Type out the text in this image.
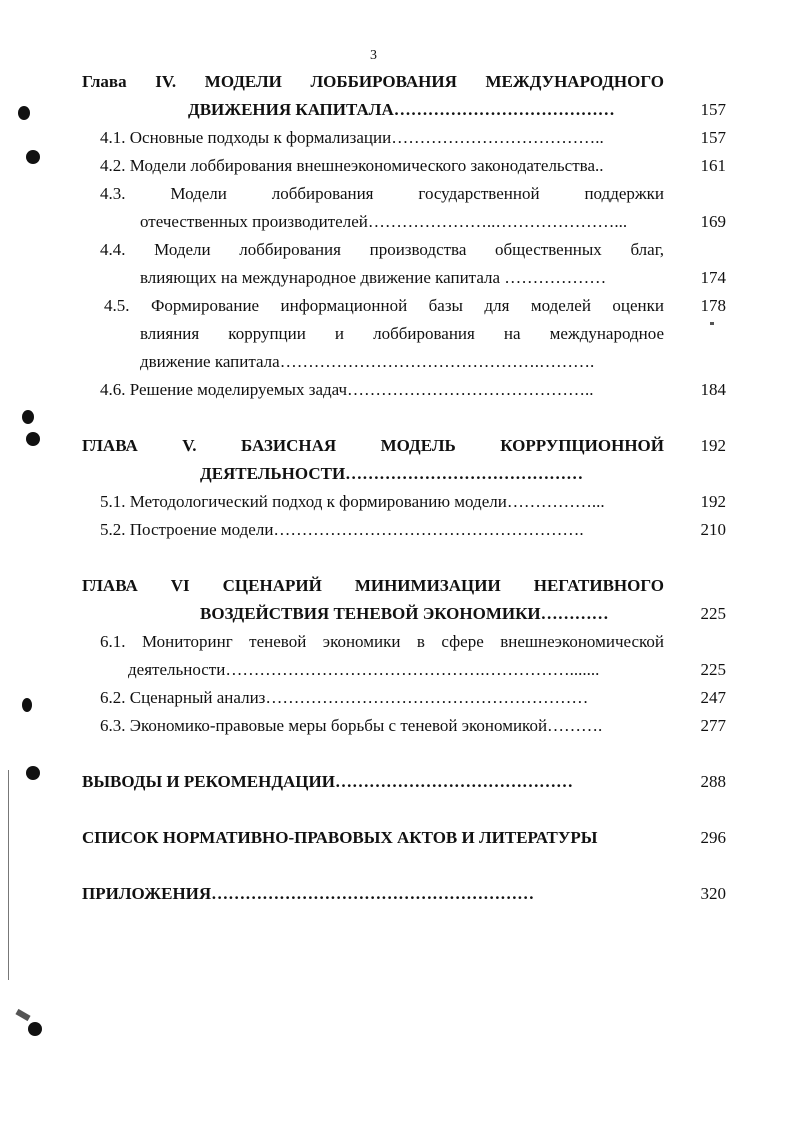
3
Глава IV. МОДЕЛИ ЛОББИРОВАНИЯ МЕЖДУНАРОДНОГО
ДВИЖЕНИЯ КАПИТАЛА…………………………………	157
4.1. Основные подходы к формализации………………………………..	157
4.2. Модели лоббирования внешнеэкономического законодательства..	161
4.3. Модели лоббирования государственной поддержки
отечественных производителей…………………..…………………...	169
4.4. Модели лоббирования производства общественных благ,
влияющих на международное движение капитала ………………	174
4.5. Формирование информационной базы для моделей оценки 178
влияния коррупции и лоббирования на международное
движение капитала……………………………………….……….
4.6. Решение моделируемых задач……………………………………..	184
ГЛАВА V. БАЗИСНАЯ МОДЕЛЬ КОРРУПЦИОННОЙ 192
ДЕЯТЕЛЬНОСТИ……………………………………
5.1. Методологический подход к формированию модели……………...	192
5.2. Построение модели……………………………………………….	210
ГЛАВА VI СЦЕНАРИЙ МИНИМИЗАЦИИ НЕГАТИВНОГО
ВОЗДЕЙСТВИЯ ТЕНЕВОЙ ЭКОНОМИКИ…………	225
6.1. Мониторинг теневой экономики в сфере внешнеэкономической
деятельности……………………………………….…………….......	225
6.2. Сценарный анализ…………………………………………………	247
6.3. Экономико-правовые меры борьбы с теневой экономикой……….	277
ВЫВОДЫ И РЕКОМЕНДАЦИИ……………………………………	288
СПИСОК НОРМАТИВНО-ПРАВОВЫХ АКТОВ И ЛИТЕРАТУРЫ	296
ПРИЛОЖЕНИЯ…………………………………………………	320
